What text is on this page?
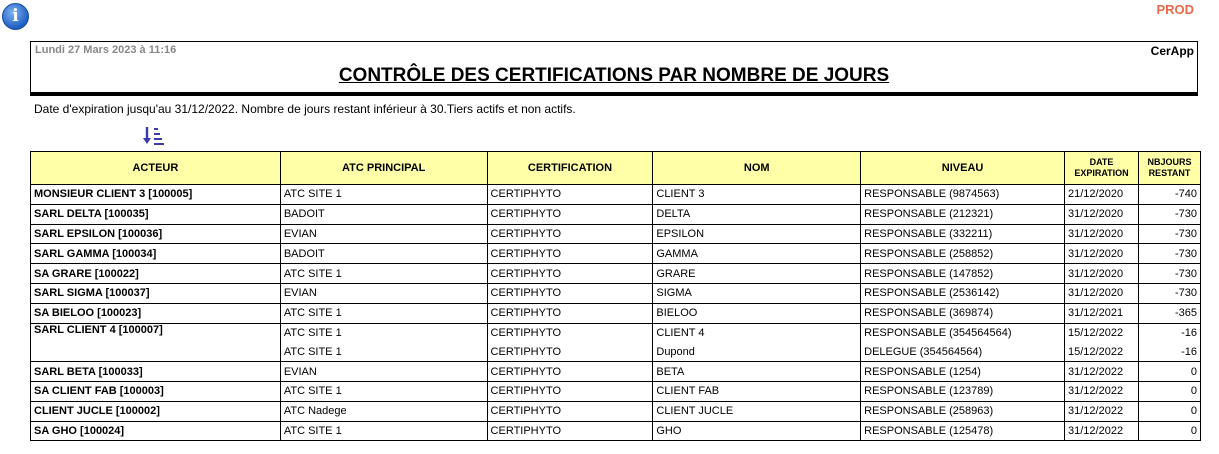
i	PROD
Lundi 27 Mars 2023 à 11:16	CerApp
CONTRÔLE DES CERTIFICATIONS PAR NOMBRE DE JOURS
Date d'expiration jusqu'au 31/12/2022. Nombre de jours restant inférieur à 30.Tiers actifs et non actifs.
ACTEUR	ATC PRINCIPAL	CERTIFICATION	NOM	NIVEAU	DATE EXPIRATION	NBJOURS RESTANT
MONSIEUR CLIENT 3 [100005]	ATC SITE 1	CERTIPHYTO	CLIENT 3	RESPONSABLE (9874563)	21/12/2020	-740
SARL DELTA [100035]	BADOIT	CERTIPHYTO	DELTA	RESPONSABLE (212321)	31/12/2020	-730
SARL EPSILON [100036]	EVIAN	CERTIPHYTO	EPSILON	RESPONSABLE (332211)	31/12/2020	-730
SARL GAMMA [100034]	BADOIT	CERTIPHYTO	GAMMA	RESPONSABLE (258852)	31/12/2020	-730
SA GRARE [100022]	ATC SITE 1	CERTIPHYTO	GRARE	RESPONSABLE (147852)	31/12/2020	-730
SARL SIGMA [100037]	EVIAN	CERTIPHYTO	SIGMA	RESPONSABLE (2536142)	31/12/2020	-730
SA BIELOO [100023]	ATC SITE 1	CERTIPHYTO	BIELOO	RESPONSABLE (369874)	31/12/2021	-365
SARL CLIENT 4 [100007]	ATC SITE 1	CERTIPHYTO	CLIENT 4	RESPONSABLE (354564564)	15/12/2022	-16
	ATC SITE 1	CERTIPHYTO	Dupond	DELEGUE (354564564)	15/12/2022	-16
SARL BETA [100033]	EVIAN	CERTIPHYTO	BETA	RESPONSABLE (1254)	31/12/2022	0
SA CLIENT FAB [100003]	ATC SITE 1	CERTIPHYTO	CLIENT FAB	RESPONSABLE (123789)	31/12/2022	0
CLIENT JUCLE [100002]	ATC Nadege	CERTIPHYTO	CLIENT JUCLE	RESPONSABLE (258963)	31/12/2022	0
SA GHO [100024]	ATC SITE 1	CERTIPHYTO	GHO	RESPONSABLE (125478)	31/12/2022	0
